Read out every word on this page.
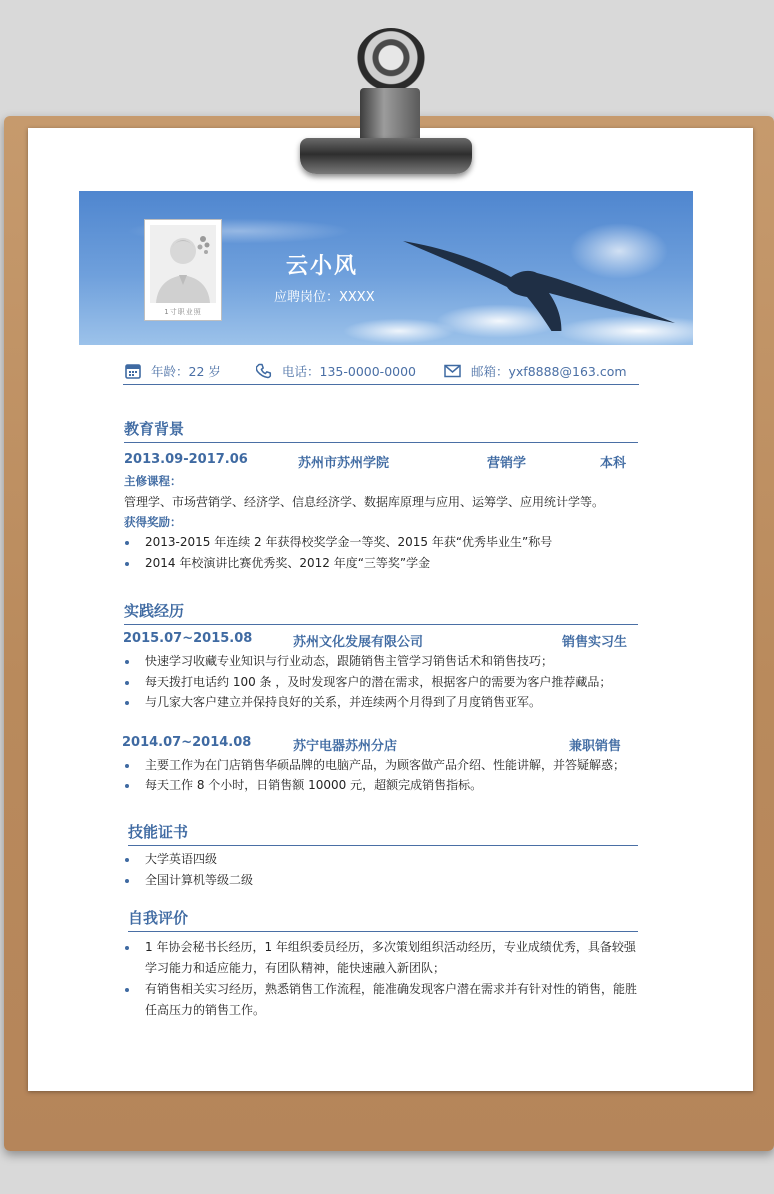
1寸职业照
云小风
应聘岗位：XXXX
年龄：22 岁	电话：135-0000-0000	邮箱：yxf8888@163.com
教育背景
2013.09-2017.06	苏州市苏州学院	营销学	本科
主修课程：
管理学、市场营销学、经济学、信息经济学、数据库原理与应用、运筹学、应用统计学等。
获得奖励：
2013-2015 年连续 2 年获得校奖学金一等奖、2015 年获“优秀毕业生”称号
2014 年校演讲比赛优秀奖、2012 年度“三等奖”学金
实践经历
2015.07~2015.08	苏州文化发展有限公司	销售实习生
快速学习收藏专业知识与行业动态，跟随销售主管学习销售话术和销售技巧；
每天拨打电话约 100 条 ，及时发现客户的潜在需求，根据客户的需要为客户推荐藏品；
与几家大客户建立并保持良好的关系，并连续两个月得到了月度销售亚军。
2014.07~2014.08	苏宁电器苏州分店	兼职销售
主要工作为在门店销售华硕品牌的电脑产品，为顾客做产品介绍、性能讲解，并答疑解惑；
每天工作 8 个小时，日销售额 10000 元，超额完成销售指标。
技能证书
大学英语四级
全国计算机等级二级
自我评价
1 年协会秘书长经历，1 年组织委员经历，多次策划组织活动经历，专业成绩优秀，具备较强学习能力和适应能力，有团队精神，能快速融入新团队；
有销售相关实习经历，熟悉销售工作流程，能准确发现客户潜在需求并有针对性的销售，能胜任高压力的销售工作。
